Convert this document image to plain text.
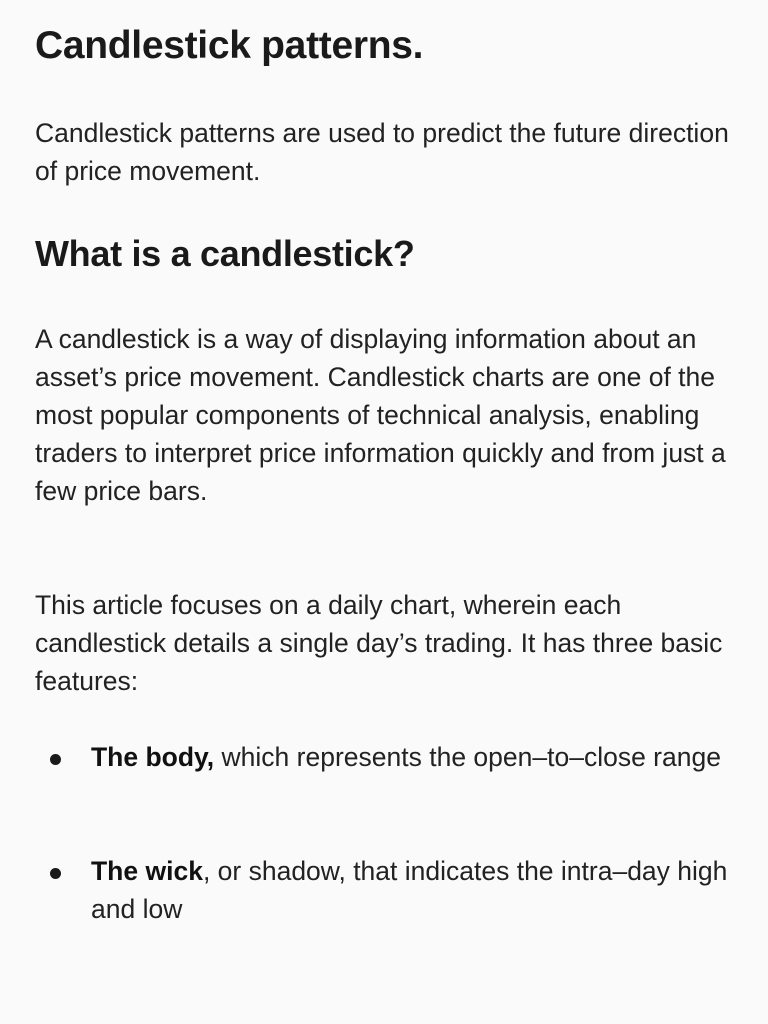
Candlestick patterns.

Candlestick patterns are used to predict the future direction of price movement.

What is a candlestick?

A candlestick is a way of displaying information about an asset’s price movement. Candlestick charts are one of the most popular components of technical analysis, enabling traders to interpret price information quickly and from just a few price bars.

This article focuses on a daily chart, wherein each candlestick details a single day’s trading. It has three basic features:

The body, which represents the open–to–close range
The wick, or shadow, that indicates the intra–day high and low
